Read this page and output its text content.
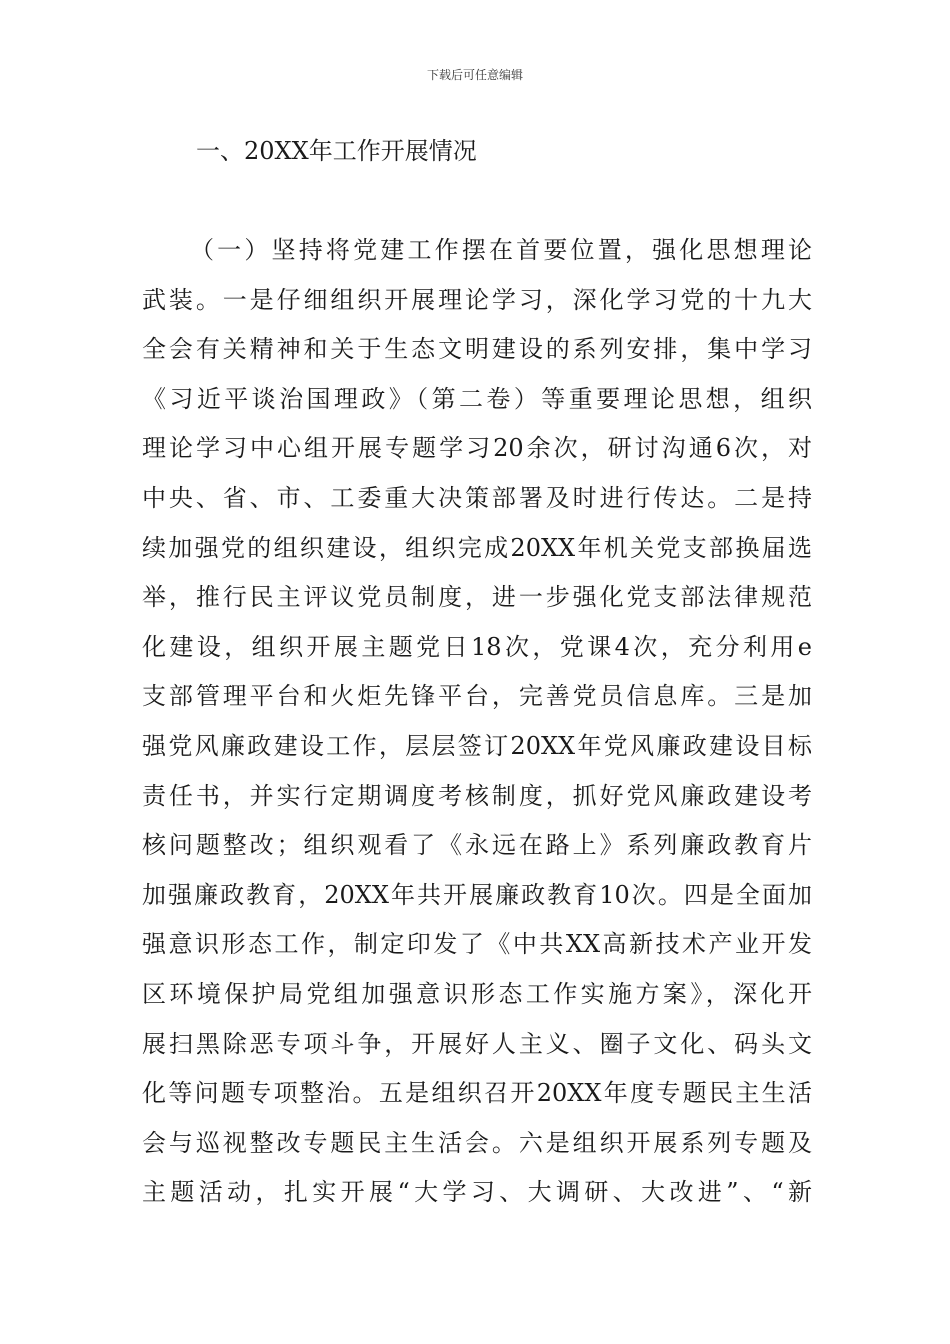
下载后可任意编辑
一、20XX年工作开展情况
（一）坚持将党建工作摆在首要位置，强化思想理论
武装。一是仔细组织开展理论学习，深化学习党的十九大
全会有关精神和关于生态文明建设的系列安排，集中学习
《习近平谈治国理政》（第二卷）等重要理论思想，组织
理论学习中心组开展专题学习20余次，研讨沟通6次，对
中央、省、市、工委重大决策部署及时进行传达。二是持
续加强党的组织建设，组织完成20XX年机关党支部换届选
举，推行民主评议党员制度，进一步强化党支部法律规范
化建设，组织开展主题党日18次，党课4次，充分利用e
支部管理平台和火炬先锋平台，完善党员信息库。三是加
强党风廉政建设工作，层层签订20XX年党风廉政建设目标
责任书，并实行定期调度考核制度，抓好党风廉政建设考
核问题整改；组织观看了《永远在路上》系列廉政教育片
加强廉政教育，20XX年共开展廉政教育10次。四是全面加
强意识形态工作，制定印发了《中共XX高新技术产业开发
区环境保护局党组加强意识形态工作实施方案》，深化开
展扫黑除恶专项斗争，开展好人主义、圈子文化、码头文
化等问题专项整治。五是组织召开20XX年度专题民主生活
会与巡视整改专题民主生活会。六是组织开展系列专题及
主题活动，扎实开展“大学习、大调研、大改进”、“新
